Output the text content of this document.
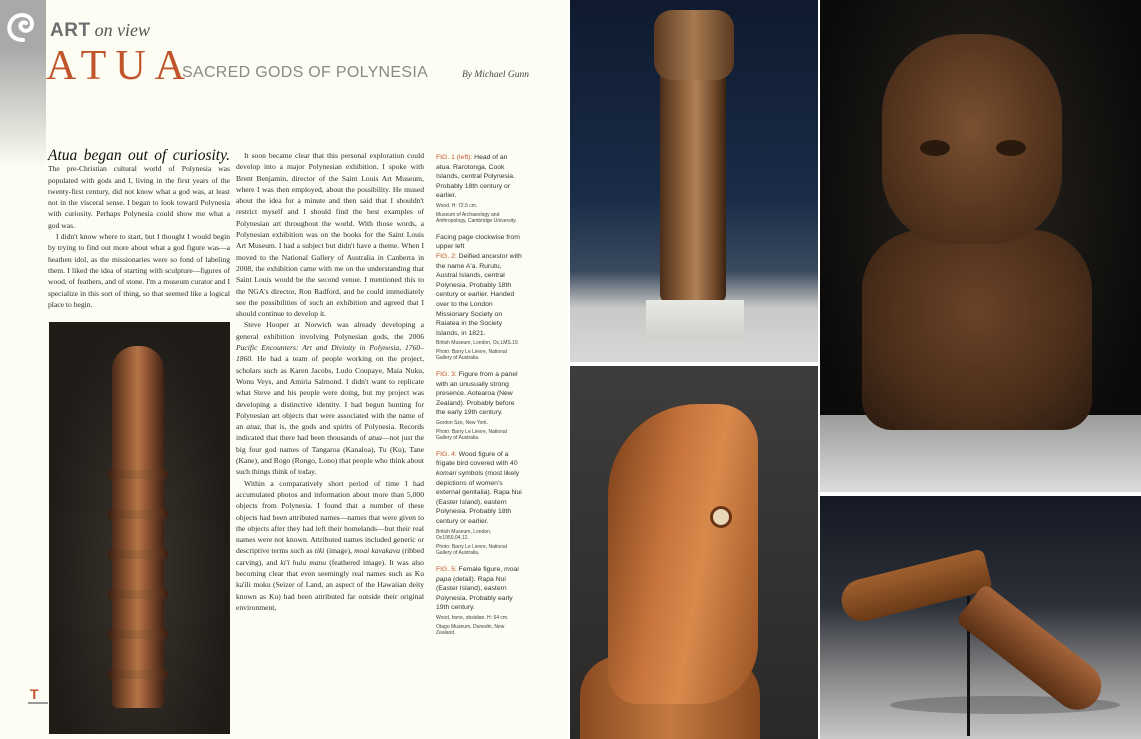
ART on view
ATUA
SACRED GODS OF POLYNESIA	By Michael Gunn

Atua began out of curiosity. The pre-Christian cultural world of Polynesia was populated with gods and I, living in the first years of the twenty-first century, did not know what a god was, at least not in the visceral sense. I began to look toward Polynesia with curiosity. Perhaps Polynesia could show me what a god was.

I didn't know where to start, but I thought I would begin by trying to find out more about what a god figure was—a heathen idol, as the missionaries were so fond of labeling them. I liked the idea of starting with sculpture—figures of wood, of feathers, and of stone. I'm a museum curator and I specialize in this sort of thing, so that seemed like a logical place to begin.

It soon became clear that this personal exploration could develop into a major Polynesian exhibition. I spoke with Brent Benjamin, director of the Saint Louis Art Museum, where I was then employed, about the possibility. He mused about the idea for a minute and then said that I shouldn't restrict myself and I should find the best examples of Polynesian art throughout the world. With those words, a Polynesian exhibition was on the books for the Saint Louis Art Museum. I had a subject but didn't have a theme. When I moved to the National Gallery of Australia in Canberra in 2008, the exhibition came with me on the understanding that Saint Louis would be the second venue. I mentioned this to the NGA's director, Ron Radford, and he could immediately see the possibilities of such an exhibition and agreed that I should continue to develop it.

Steve Hooper at Norwich was already developing a general exhibition involving Polynesian gods, the 2006 Pacific Encounters: Art and Divinity in Polynesia, 1760–1860. He had a team of people working on the project, scholars such as Karen Jacobs, Ludo Coupaye, Maia Nuku, Wonu Veys, and Amiria Salmond. I didn't want to replicate what Steve and his people were doing, but my project was developing a distinctive identity. I had begun hunting for Polynesian art objects that were associated with the name of an atua, that is, the gods and spirits of Polynesia. Records indicated that there had been thousands of atua—not just the big four god names of Tangaroa (Kanaloa), Tu (Ku), Tane (Kane), and Rogo (Rongo, Lono) that people who think about such things think of today.

Within a comparatively short period of time I had accumulated photos and information about more than 5,000 objects from Polynesia. I found that a number of these objects had been attributed names—names that were given to the objects after they had left their homelands—but their real names were not known. Attributed names included generic or descriptive terms such as tiki (image), moai kavakava (ribbed carving), and ki'i hulu manu (feathered image). It was also becoming clear that even seemingly real names such as Ku ka'ili moku (Seizer of Land, an aspect of the Hawaiian deity known as Ku) had been attributed far outside their original environment,

FIG. 1 (left): Head of an atua. Rarotonga, Cook Islands, central Polynesia. Probably 18th century or earlier.

Wood. H: 72.5 cm.

Museum of Archaeology and Anthropology, Cambridge University.

Facing page clockwise from upper left

FIG. 2: Deified ancestor with the name A'a. Rurutu, Austral Islands, central Polynesia. Probably 18th century or earlier. Handed over to the London Missionary Society on Raiatea in the Society Islands, in 1821.

British Museum, London, Oc,LMS.19.

Photo: Barry Le Lievre, National Gallery of Australia.

FIG. 3: Figure from a panel with an unusually strong presence. Aotearoa (New Zealand). Probably before the early 19th century.

Gordon Sze, New York.

Photo: Barry Le Lievre, National Gallery of Australia.

FIG. 4: Wood figure of a frigate bird covered with 40 komari symbols (most likely depictions of women's external genitalia). Rapa Nui (Easter Island), eastern Polynesia. Probably 18th century or earlier.

British Museum, London, Oc1950,04.12.

Photo: Barry Le Lievre, National Gallery of Australia.

FIG. 5: Female figure, moai papa (detail). Rapa Nui (Easter Island), eastern Polynesia. Probably early 19th century.

Wood, bone, obsidian. H: 64 cm.

Otago Museum, Dunedin, New Zealand.

T
